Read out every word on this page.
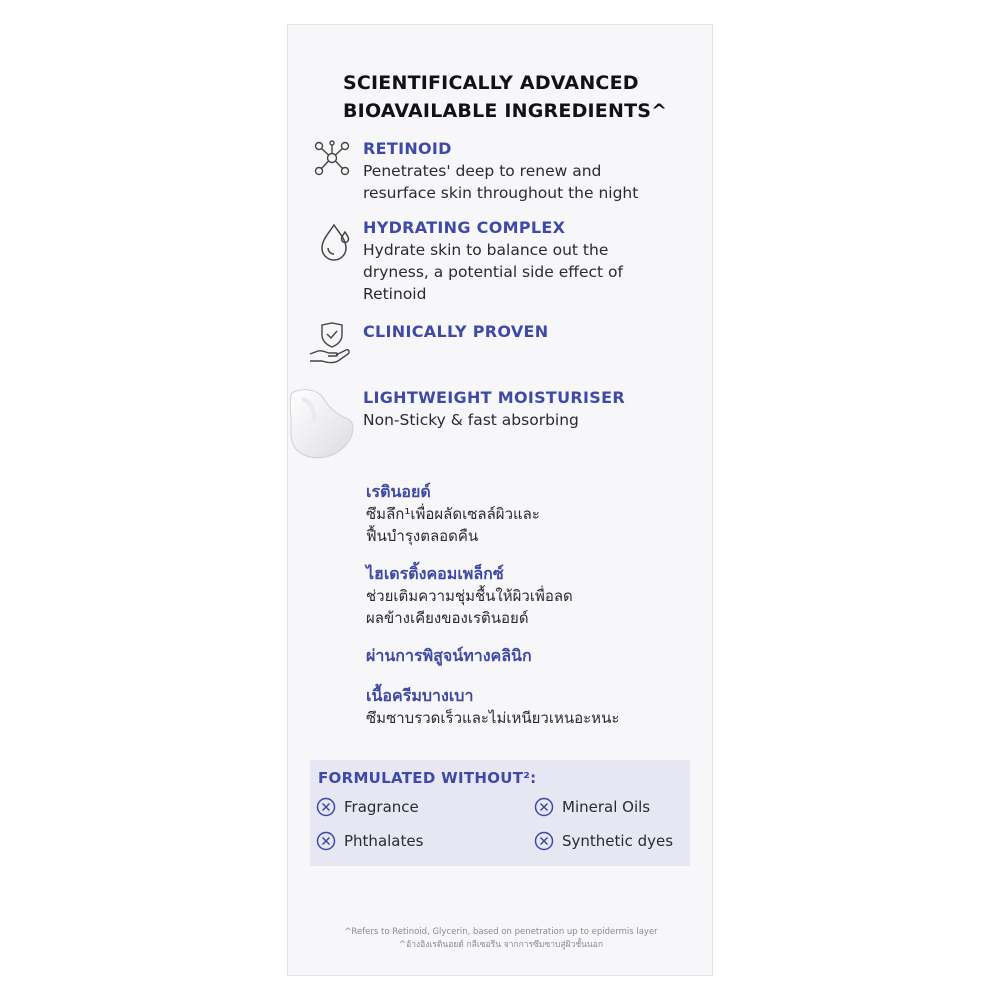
SCIENTIFICALLY ADVANCED
BIOAVAILABLE INGREDIENTS^
RETINOID
Penetrates' deep to renew and
resurface skin throughout the night
HYDRATING COMPLEX
Hydrate skin to balance out the
dryness, a potential side effect of
Retinoid
CLINICALLY PROVEN
LIGHTWEIGHT MOISTURISER
Non-Sticky & fast absorbing
เรตินอยด์
ซึมลึก¹เพื่อผลัดเซลล์ผิวและ
ฟื้นบำรุงตลอดคืน
ไฮเดรติ้งคอมเพล็กซ์
ช่วยเติมความชุ่มชื้นให้ผิวเพื่อลด
ผลข้างเคียงของเรตินอยด์
ผ่านการพิสูจน์ทางคลินิก
เนื้อครีมบางเบา
ซึมซาบรวดเร็วและไม่เหนียวเหนอะหนะ
FORMULATED WITHOUT²:
Fragrance	Mineral Oils
Phthalates	Synthetic dyes
^Refers to Retinoid, Glycerin, based on penetration up to epidermis layer
^อ้างอิงเรตินอยด์ กลีเซอรีน จากการซึมซาบสู่ผิวชั้นนอก
